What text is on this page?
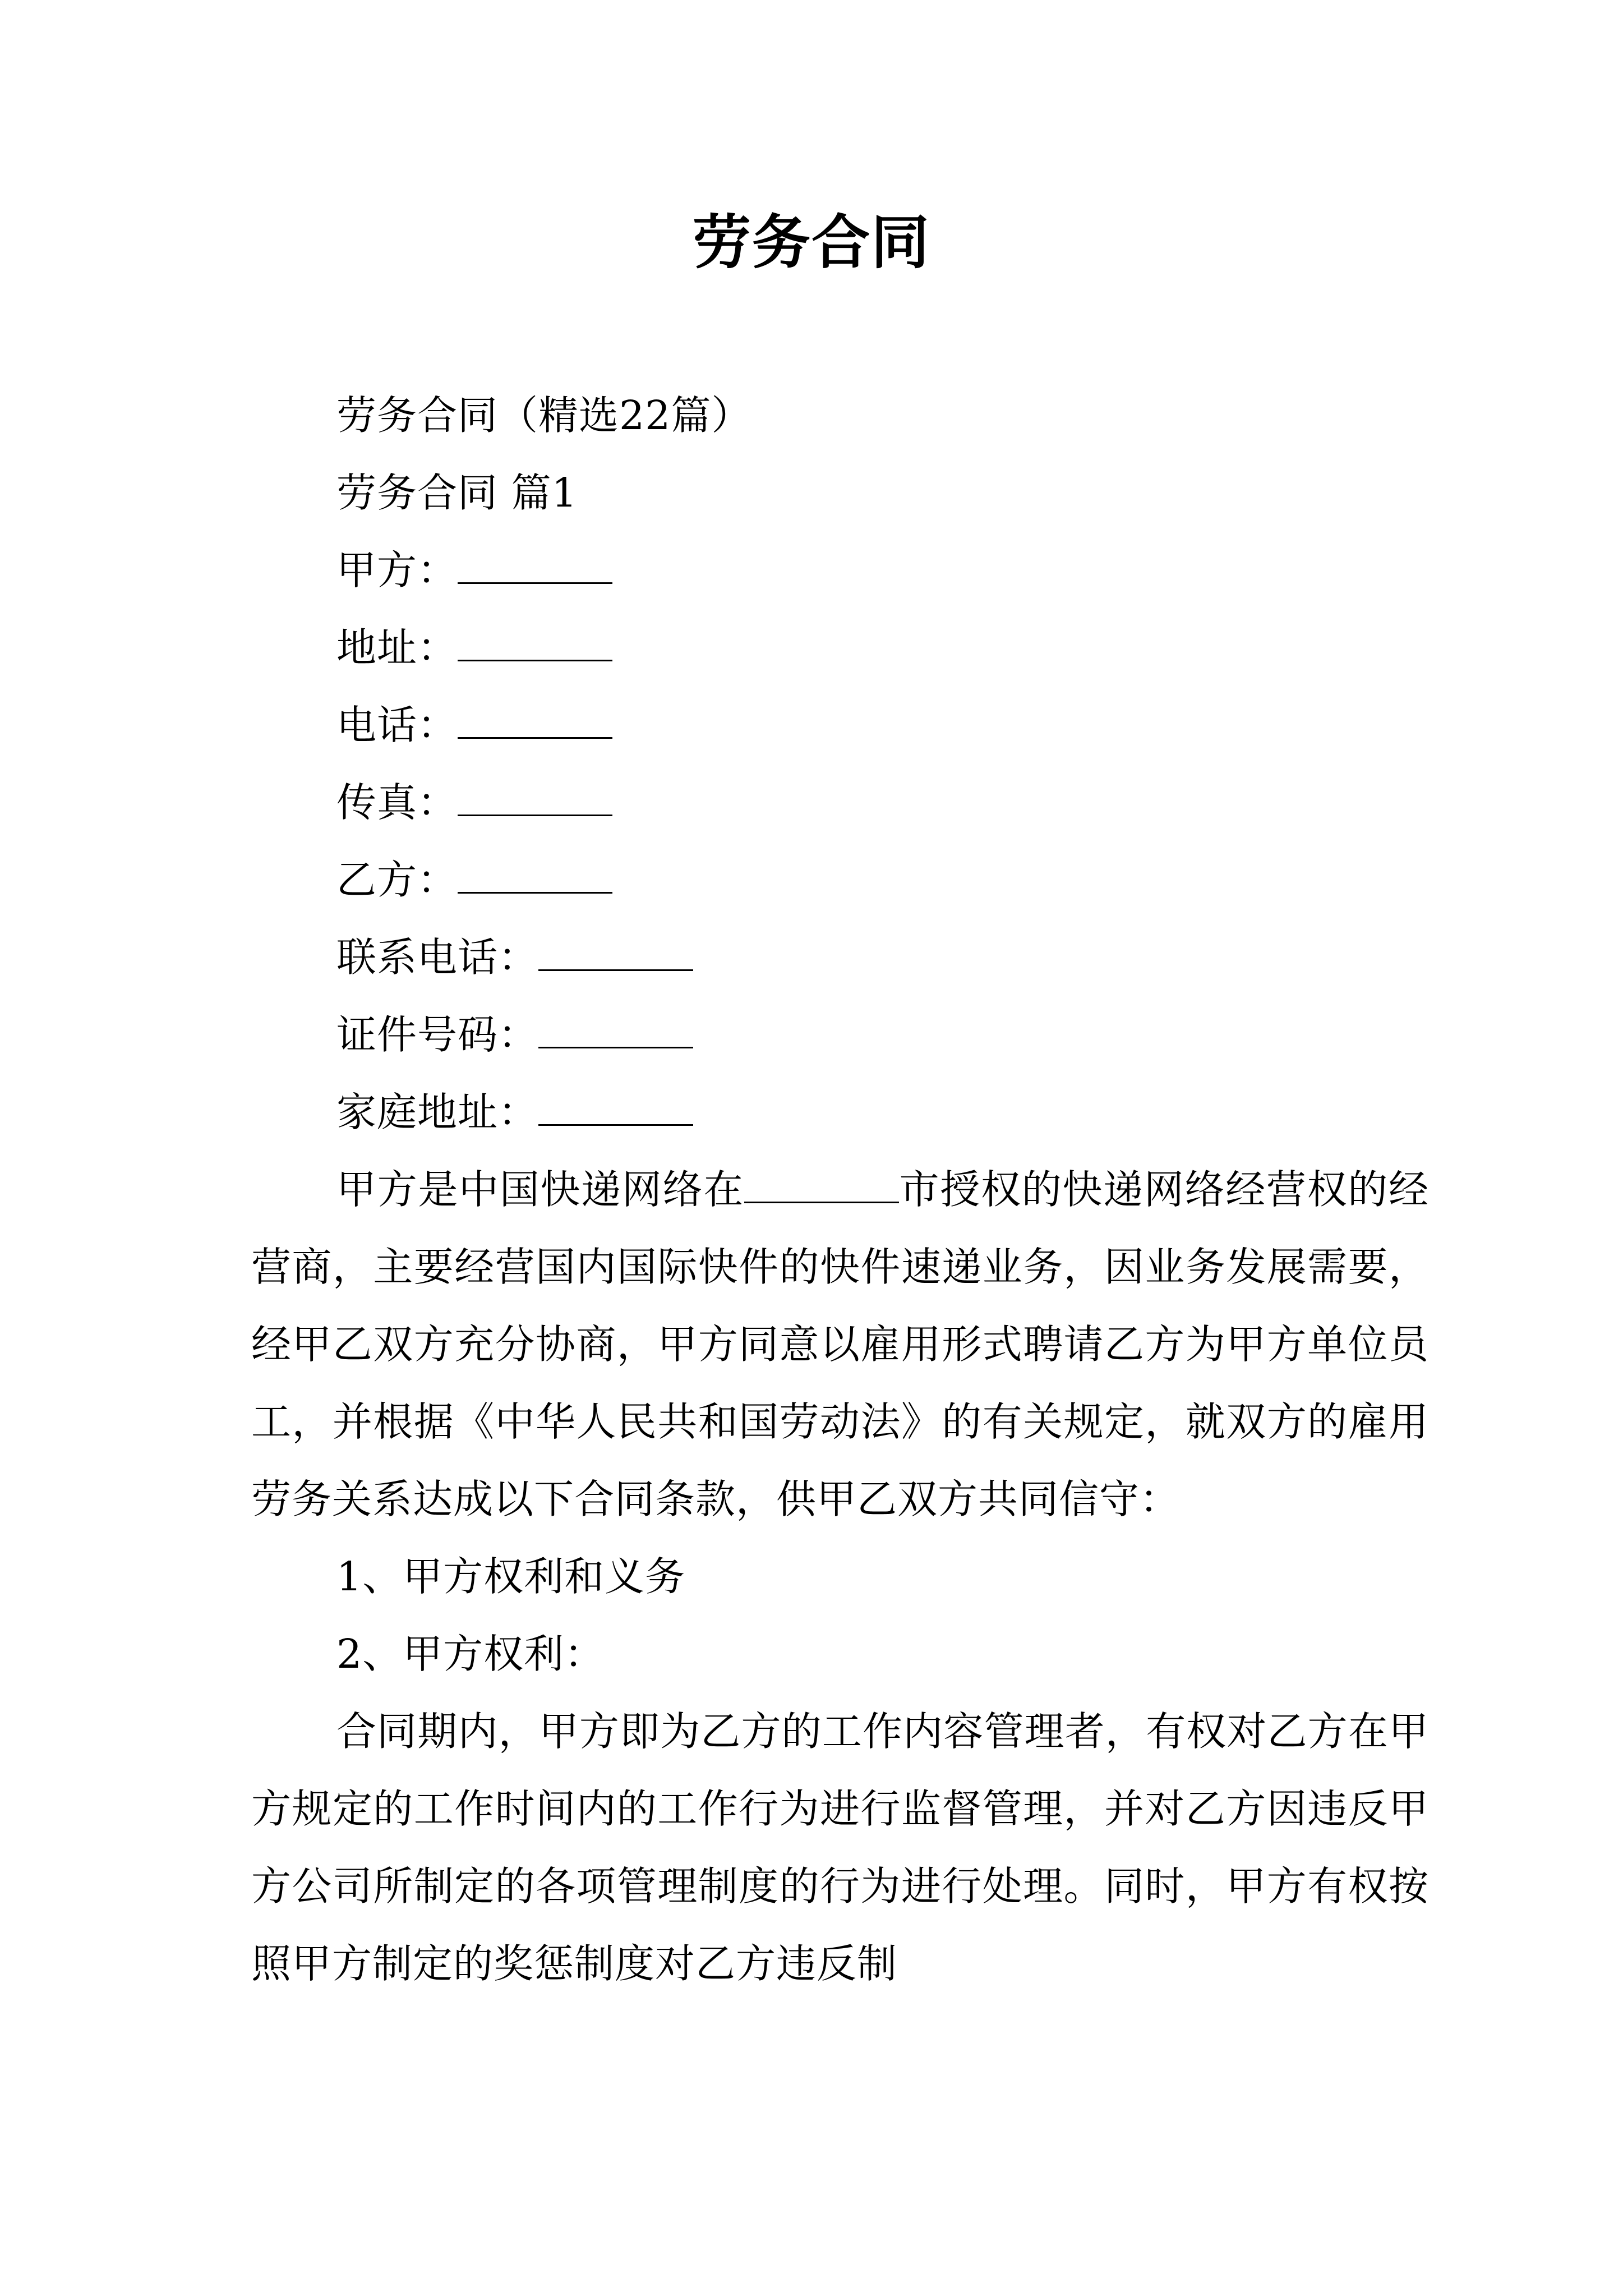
劳务合同
劳务合同（精选22篇）
劳务合同 篇1
甲方：
地址：
电话：
传真：
乙方：
联系电话：
证件号码：
家庭地址：

甲方是中国快递网络在	市授权的快递网络经营权的经营商，主要经营国内国际快件的快件速递业务，因业务发展需要，经甲乙双方充分协商，甲方同意以雇用形式聘请乙方为甲方单位员工，并根据《中华人民共和国劳动法》的有关规定，就双方的雇用劳务关系达成以下合同条款，供甲乙双方共同信守：

1、甲方权利和义务
2、甲方权利：

合同期内，甲方即为乙方的工作内容管理者，有权对乙方在甲方规定的工作时间内的工作行为进行监督管理，并对乙方因违反甲方公司所制定的各项管理制度的行为进行处理。同时，甲方有权按照甲方制定的奖惩制度对乙方违反制
